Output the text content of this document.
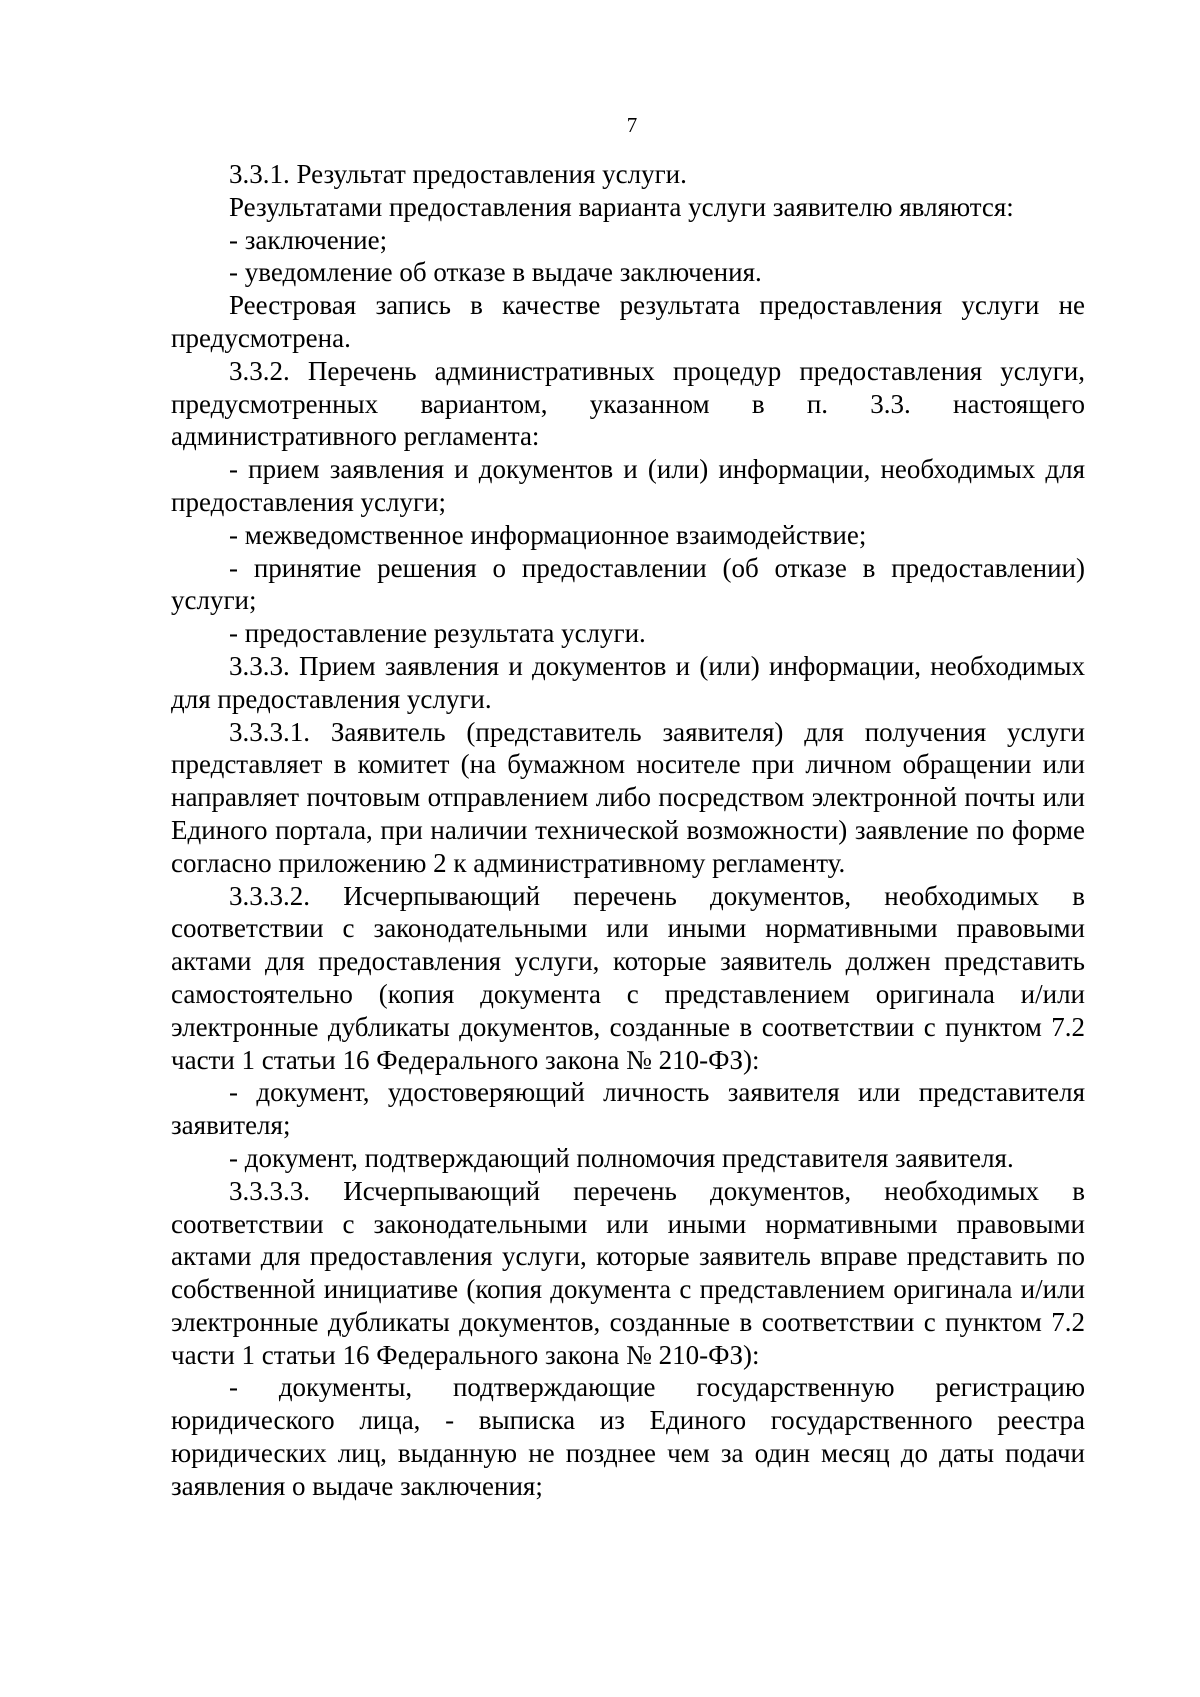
7

3.3.1. Результат предоставления услуги.

Результатами предоставления варианта услуги заявителю являются:

- заключение;

- уведомление об отказе в выдаче заключения.

Реестровая запись в качестве результата предоставления услуги не предусмотрена.

3.3.2. Перечень административных процедур предоставления услуги, предусмотренных вариантом, указанном в п. 3.3. настоящего административного регламента:

- прием заявления и документов и (или) информации, необходимых для предоставления услуги;

- межведомственное информационное взаимодействие;

- принятие решения о предоставлении (об отказе в предоставлении) услуги;

- предоставление результата услуги.

3.3.3. Прием заявления и документов и (или) информации, необходимых для предоставления услуги.

3.3.3.1. Заявитель (представитель заявителя) для получения услуги представляет в комитет (на бумажном носителе при личном обращении или направляет почтовым отправлением либо посредством электронной почты или Единого портала, при наличии технической возможности) заявление по форме согласно приложению 2 к административному регламенту.

3.3.3.2. Исчерпывающий перечень документов, необходимых в соответствии с законодательными или иными нормативными правовыми актами для предоставления услуги, которые заявитель должен представить самостоятельно (копия документа с представлением оригинала и/или электронные дубликаты документов, созданные в соответствии с пунктом 7.2 части 1 статьи 16 Федерального закона № 210-ФЗ):

- документ, удостоверяющий личность заявителя или представителя заявителя;

- документ, подтверждающий полномочия представителя заявителя.

3.3.3.3. Исчерпывающий перечень документов, необходимых в соответствии с законодательными или иными нормативными правовыми актами для предоставления услуги, которые заявитель вправе представить по собственной инициативе (копия документа с представлением оригинала и/или электронные дубликаты документов, созданные в соответствии с пунктом 7.2 части 1 статьи 16 Федерального закона № 210-ФЗ):

- документы, подтверждающие государственную регистрацию юридического лица, - выписка из Единого государственного реестра юридических лиц, выданную не позднее чем за один месяц до даты подачи заявления о выдаче заключения;
